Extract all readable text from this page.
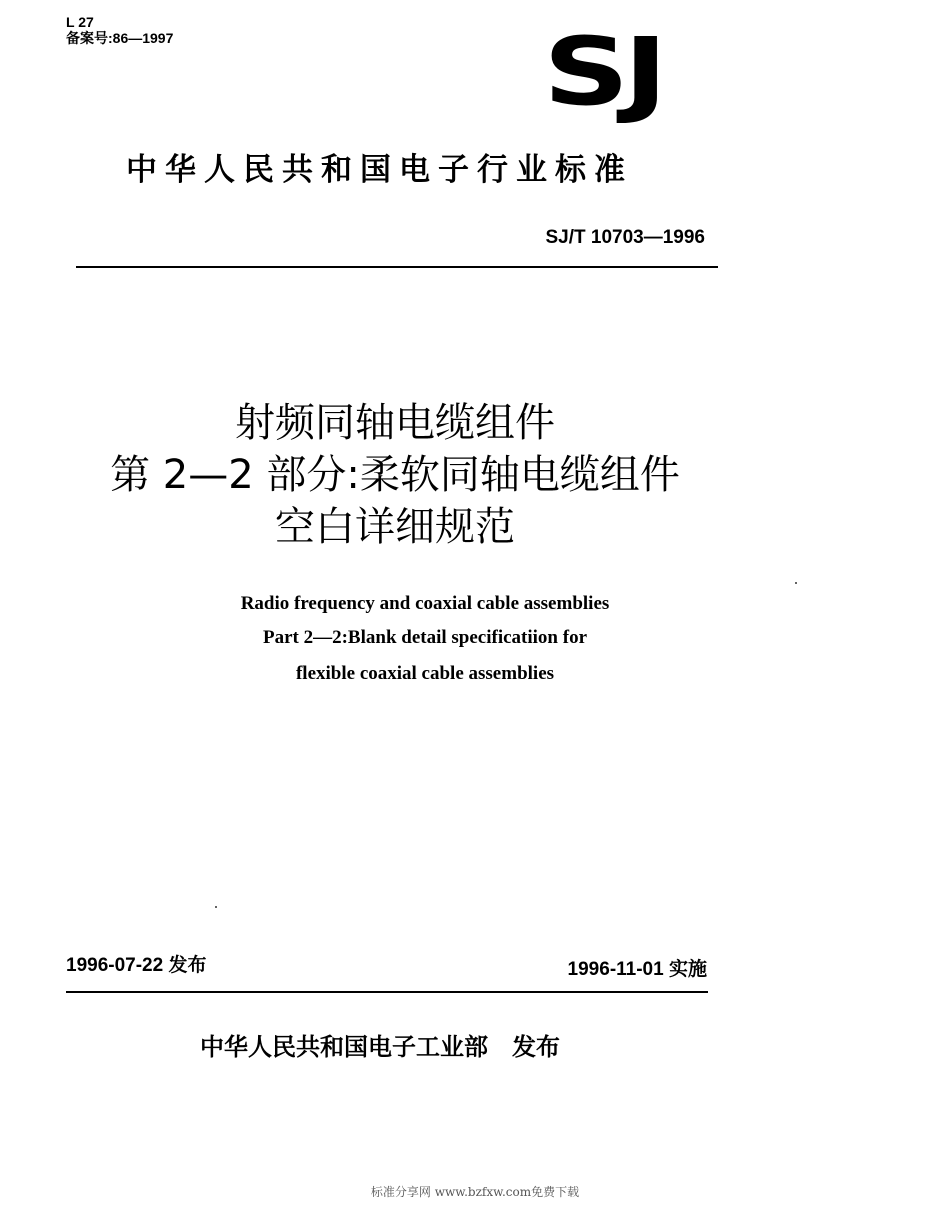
L 27
备案号:86—1997	SJ
中华人民共和国电子行业标准
SJ/T 10703—1996
射频同轴电缆组件
第 2—2 部分:柔软同轴电缆组件
空白详细规范
Radio frequency and coaxial cable assemblies
Part 2—2:Blank detail specificatiion for
flexible coaxial cable assemblies
1996-07-22 发布	1996-11-01 实施
中华人民共和国电子工业部 发布
标准分享网 www.bzfxw.com免费下载
